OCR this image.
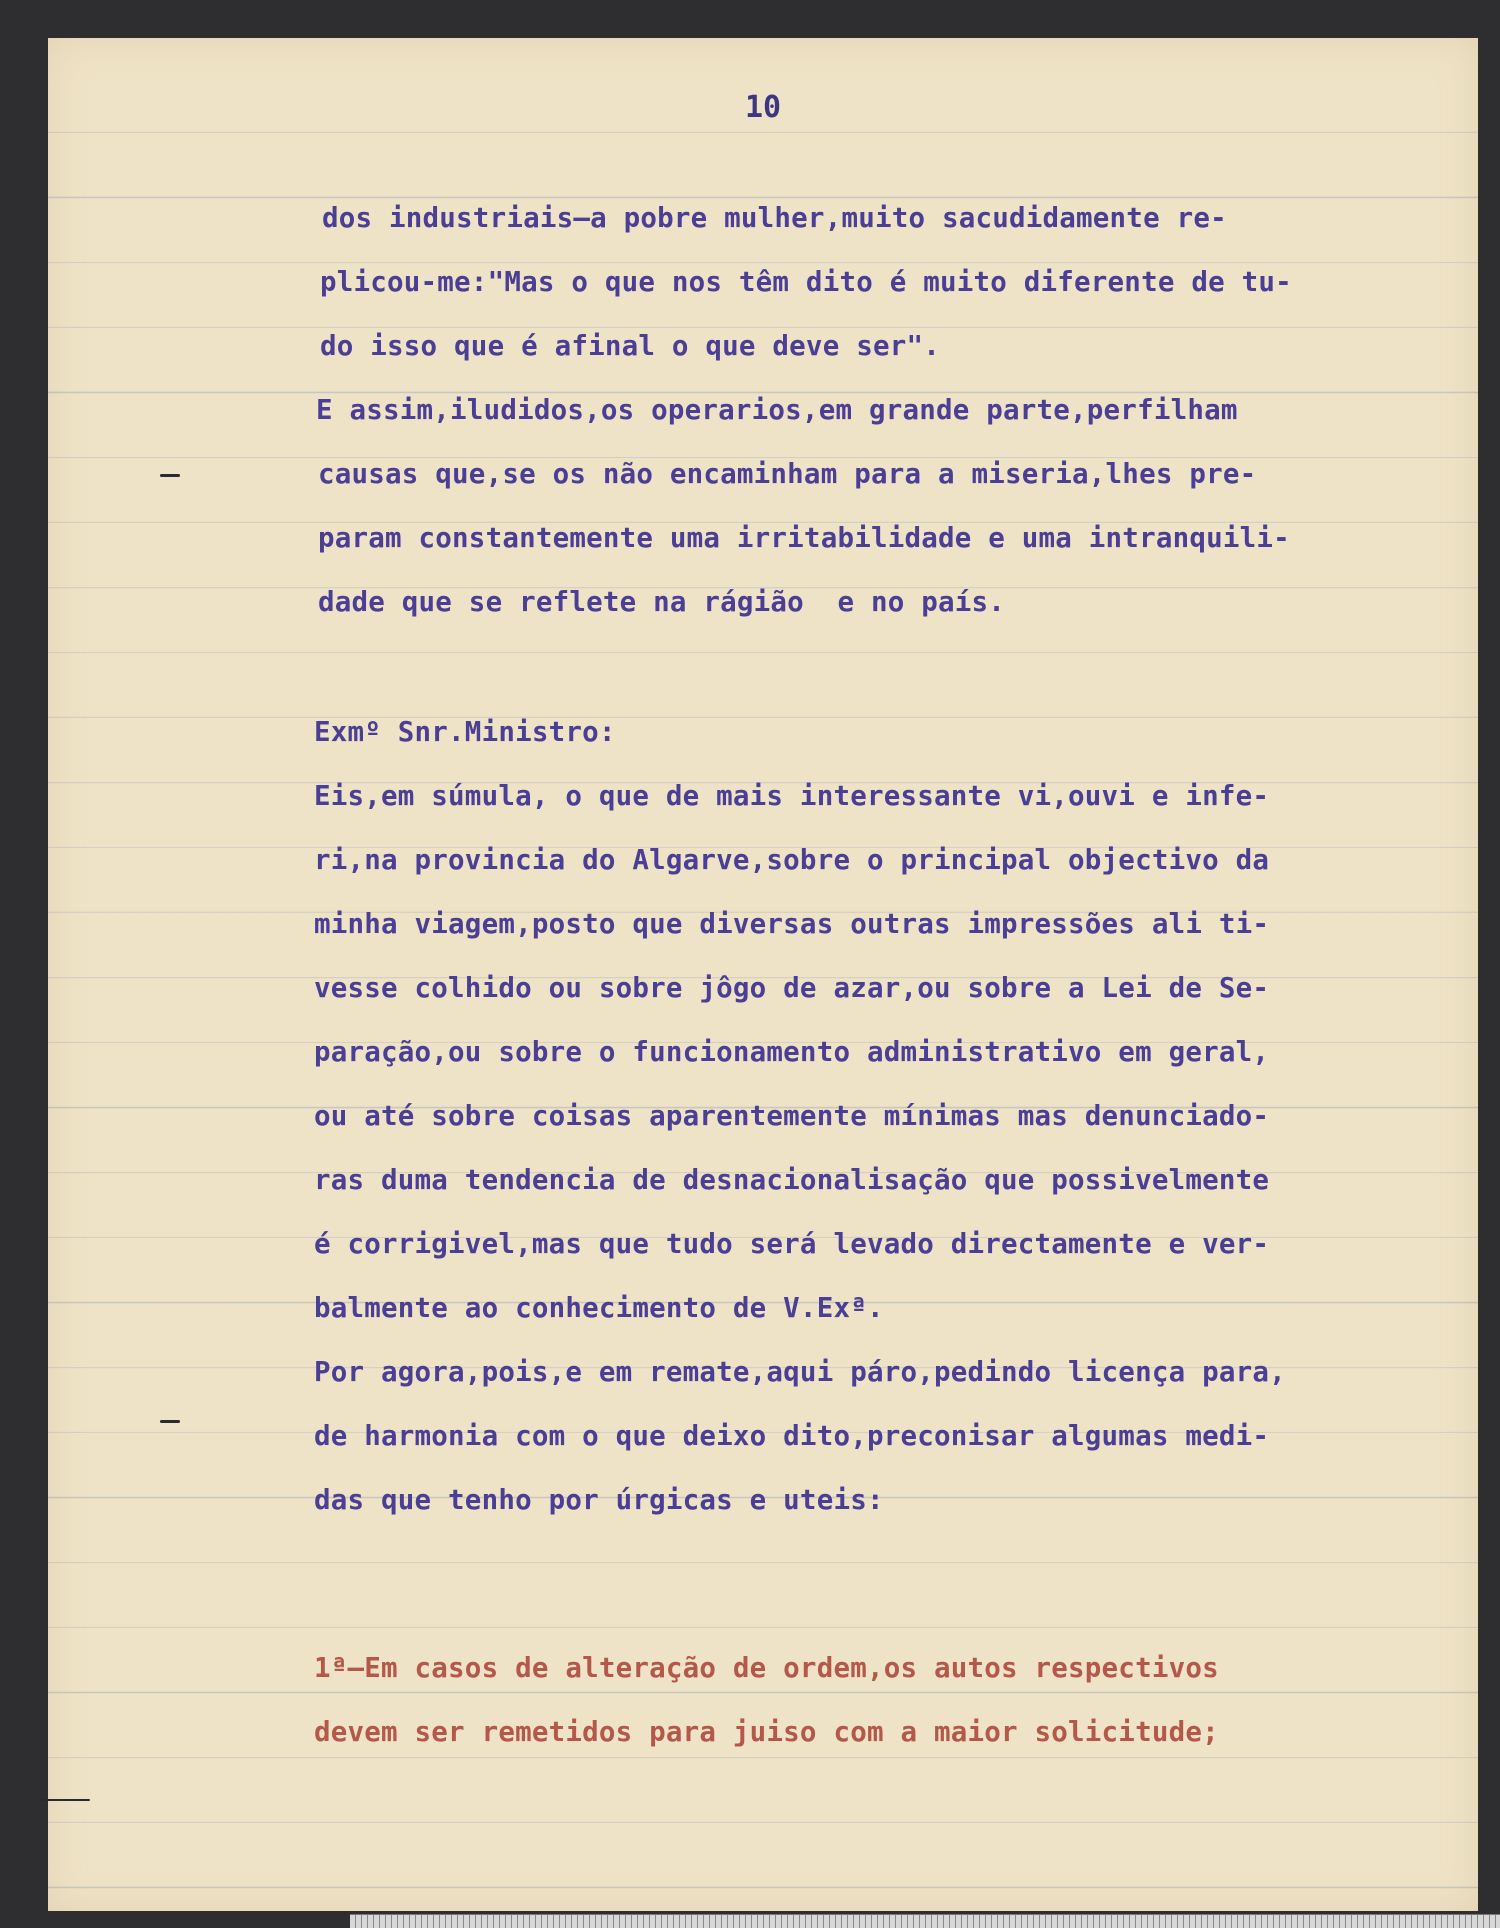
10

dos industriais—a pobre mulher,muito sacudidamente re-

plicou-me:"Mas o que nos têm dito é muito diferente de tu-

do isso que é afinal o que deve ser".

E assim,iludidos,os operarios,em grande parte,perfilham

causas que,se os não encaminham para a miseria,lhes pre-

param constantemente uma irritabilidade e uma intranquili-

dade que se reflete na rágião  e no país.

Exmº Snr.Ministro:

Eis,em súmula, o que de mais interessante vi,ouvi e infe-

ri,na provincia do Algarve,sobre o principal objectivo da

minha viagem,posto que diversas outras impressões ali ti-

vesse colhido ou sobre jôgo de azar,ou sobre a Lei de Se-

paração,ou sobre o funcionamento administrativo em geral,

ou até sobre coisas aparentemente mínimas mas denunciado-

ras duma tendencia de desnacionalisação que possivelmente

é corrigivel,mas que tudo será levado directamente e ver-

balmente ao conhecimento de V.Exª.

Por agora,pois,e em remate,aqui páro,pedindo licença para,

de harmonia com o que deixo dito,preconisar algumas medi-

das que tenho por úrgicas e uteis:

1ª—Em casos de alteração de ordem,os autos respectivos

devem ser remetidos para juiso com a maior solicitude;
